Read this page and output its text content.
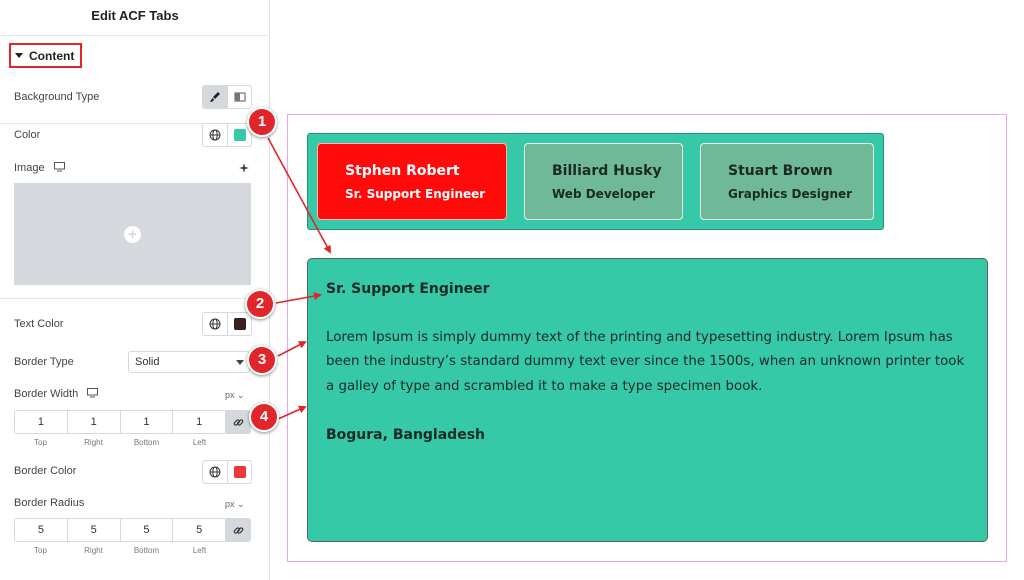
Edit ACF Tabs
Content
Background Type
Color
Image
+
Text Color
Border Type	Solid
Border Width	px ⌄
1	1	1	1
Top	Right	Bottom	Left
Border Color
Border Radius	px ⌄
5	5	5	5
Top	Right	Bottom	Left
Stphen Robert
Sr. Support Engineer
Billiard Husky
Web Developer
Stuart Brown
Graphics Designer
Sr. Support Engineer
Lorem Ipsum is simply dummy text of the printing and typesetting industry. Lorem Ipsum has been the industry’s standard dummy text ever since the 1500s, when an unknown printer took a galley of type and scrambled it to make a type specimen book.
Bogura, Bangladesh
1
2
3
4
